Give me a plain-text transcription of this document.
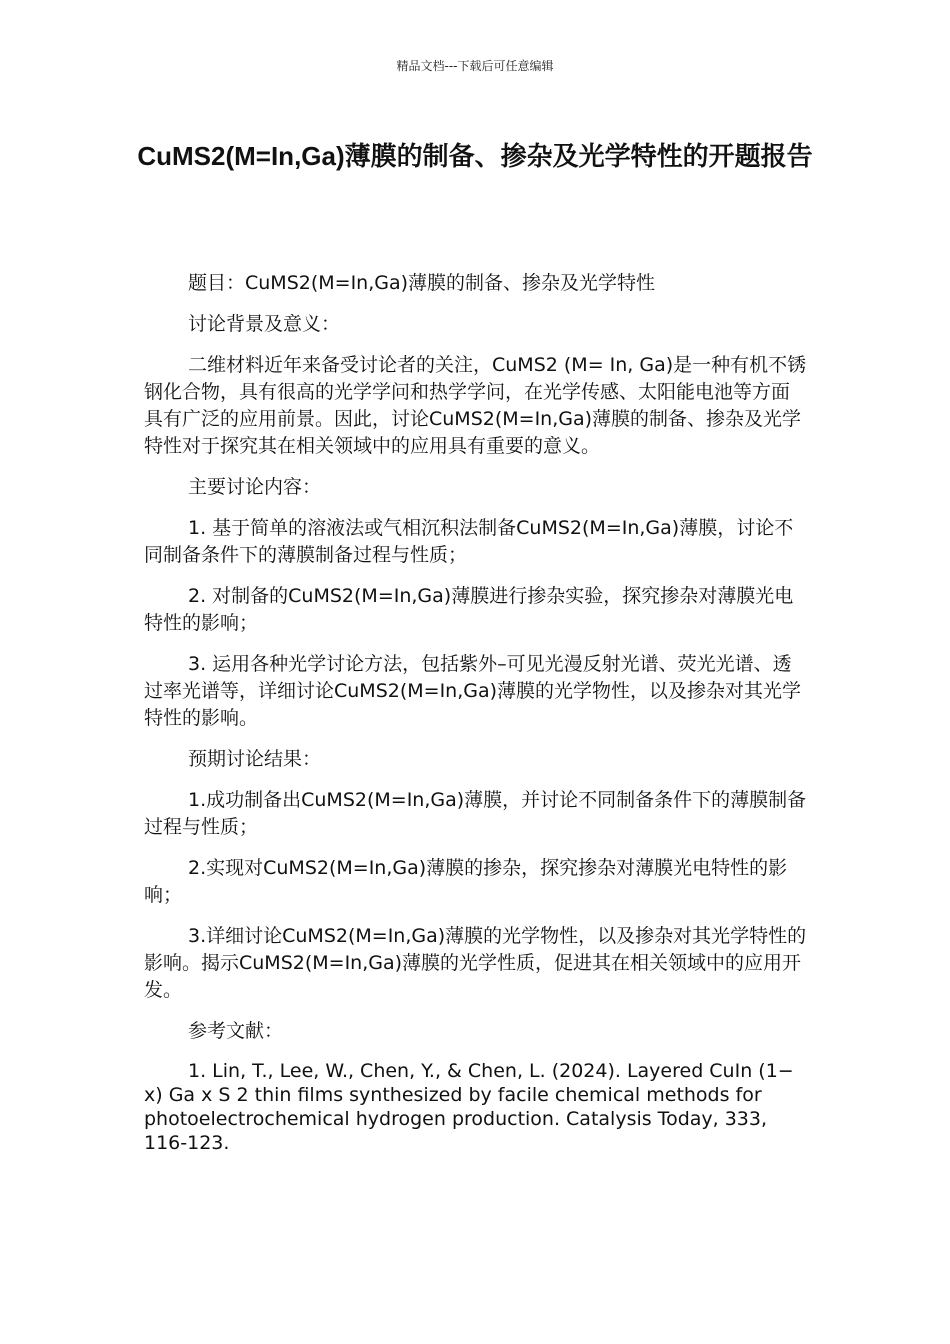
精品文档---下载后可任意编辑
CuMS2(M=In,Ga)薄膜的制备、掺杂及光学特性的开题报告

题目：CuMS2(M=In,Ga)薄膜的制备、掺杂及光学特性

讨论背景及意义：

二维材料近年来备受讨论者的关注，CuMS2 (M= In, Ga)是一种有机不锈钢化合物，具有很高的光学学问和热学学问，在光学传感、太阳能电池等方面具有广泛的应用前景。因此，讨论CuMS2(M=In,Ga)薄膜的制备、掺杂及光学特性对于探究其在相关领域中的应用具有重要的意义。

主要讨论内容：

1. 基于简单的溶液法或气相沉积法制备CuMS2(M=In,Ga)薄膜，讨论不同制备条件下的薄膜制备过程与性质；

2. 对制备的CuMS2(M=In,Ga)薄膜进行掺杂实验，探究掺杂对薄膜光电特性的影响；

3. 运用各种光学讨论方法，包括紫外–可见光漫反射光谱、荧光光谱、透过率光谱等，详细讨论CuMS2(M=In,Ga)薄膜的光学物性，以及掺杂对其光学特性的影响。

预期讨论结果：

1.成功制备出CuMS2(M=In,Ga)薄膜，并讨论不同制备条件下的薄膜制备过程与性质；

2.实现对CuMS2(M=In,Ga)薄膜的掺杂，探究掺杂对薄膜光电特性的影响；

3.详细讨论CuMS2(M=In,Ga)薄膜的光学物性，以及掺杂对其光学特性的影响。揭示CuMS2(M=In,Ga)薄膜的光学性质，促进其在相关领域中的应用开发。

参考文献：

1. Lin, T., Lee, W., Chen, Y., & Chen, L. (2024). Layered CuIn (1− x) Ga x S 2 thin films synthesized by facile chemical methods for photoelectrochemical hydrogen production. Catalysis Today, 333, 116-123.
